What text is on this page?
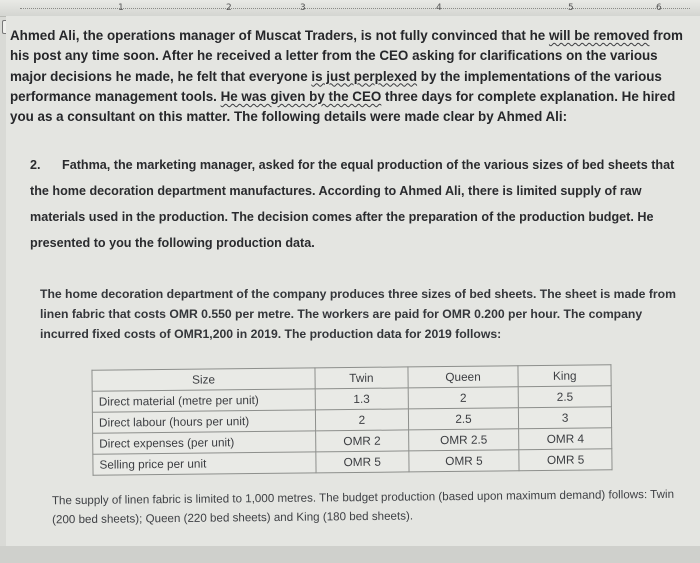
1	2	3	4	5	6
Ahmed Ali, the operations manager of Muscat Traders, is not fully convinced that he will be removed from his post any time soon. After he received a letter from the CEO asking for clarifications on the various major decisions he made, he felt that everyone is just perplexed by the implementations of the various performance management tools. He was given by the CEO three days for complete explanation. He hired you as a consultant on this matter. The following details were made clear by Ahmed Ali:
2. Fathma, the marketing manager, asked for the equal production of the various sizes of bed sheets that the home decoration department manufactures. According to Ahmed Ali, there is limited supply of raw materials used in the production. The decision comes after the preparation of the production budget. He presented to you the following production data.
The home decoration department of the company produces three sizes of bed sheets. The sheet is made from linen fabric that costs OMR 0.550 per metre. The workers are paid for OMR 0.200 per hour. The company incurred fixed costs of OMR1,200 in 2019. The production data for 2019 follows:
Size	Twin	Queen	King
Direct material (metre per unit)	1.3	2	2.5
Direct labour (hours per unit)	2	2.5	3
Direct expenses (per unit)	OMR 2	OMR 2.5	OMR 4
Selling price per unit	OMR 5	OMR 5	OMR 5
The supply of linen fabric is limited to 1,000 metres. The budget production (based upon maximum demand) follows: Twin (200 bed sheets); Queen (220 bed sheets) and King (180 bed sheets).
